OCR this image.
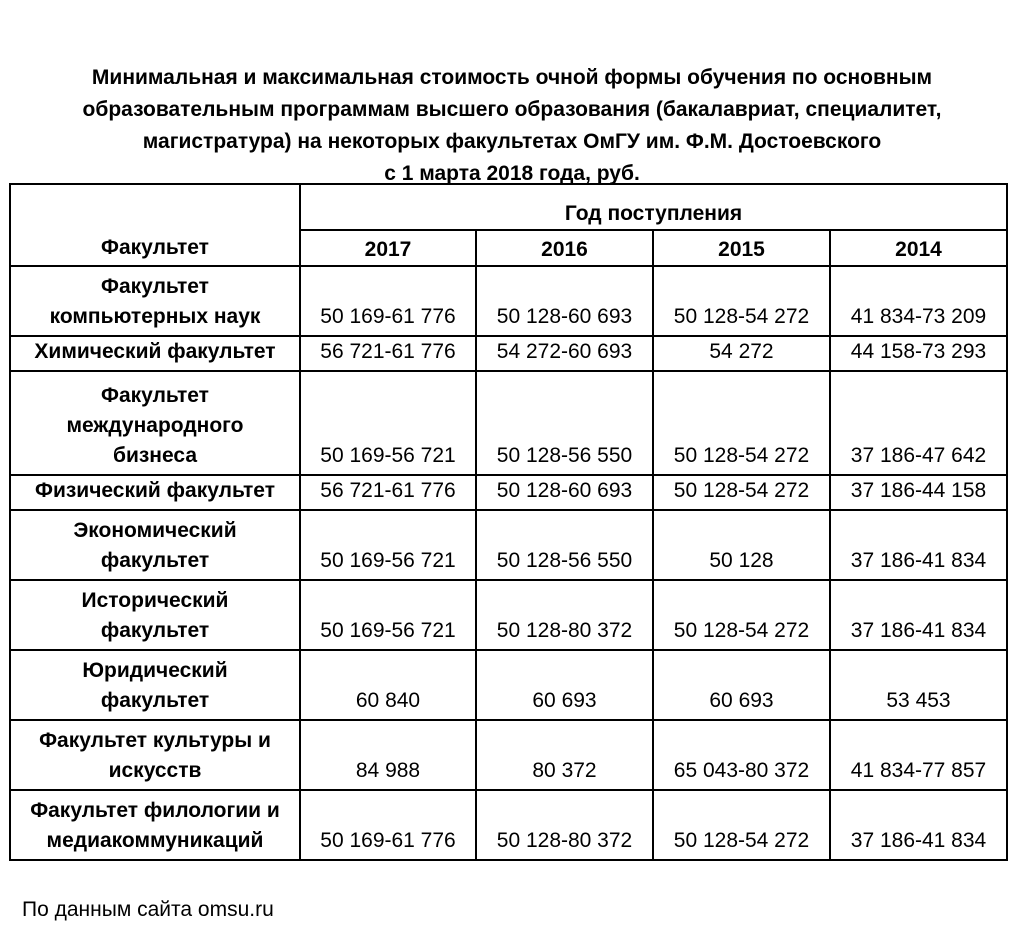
Минимальная и максимальная стоимость очной формы обучения по основным
образовательным программам высшего образования (бакалавриат, специалитет,
магистратура) на некоторых факультетах ОмГУ им. Ф.М. Достоевского
с 1 марта 2018 года, руб.
Факультет	Год поступления			
	2017	2016	2015	2014

Факультет
компьютерных наук	50 169-61 776	50 128-60 693	50 128-54 272	41 834-73 209

Химический факультет	56 721-61 776	54 272-60 693	54 272	44 158-73 293

Факультет
международного
бизнеса	50 169-56 721	50 128-56 550	50 128-54 272	37 186-47 642

Физический факультет	56 721-61 776	50 128-60 693	50 128-54 272	37 186-44 158

Экономический
факультет	50 169-56 721	50 128-56 550	50 128	37 186-41 834

Исторический
факультет	50 169-56 721	50 128-80 372	50 128-54 272	37 186-41 834

Юридический
факультет	60 840	60 693	60 693	53 453

Факультет культуры и
искусств	84 988	80 372	65 043-80 372	41 834-77 857

Факультет филологии и
медиакоммуникаций	50 169-61 776	50 128-80 372	50 128-54 272	37 186-41 834
По данным сайта omsu.ru
